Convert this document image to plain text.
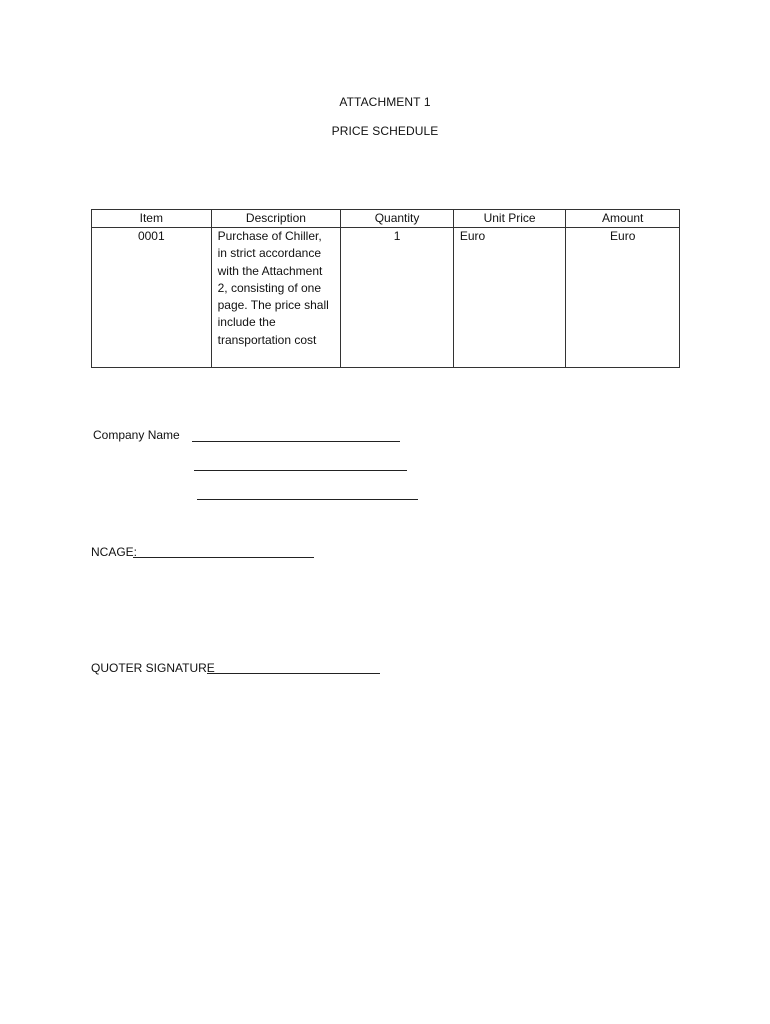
ATTACHMENT 1
PRICE SCHEDULE
Item	Description	Quantity	Unit Price	Amount
0001	Purchase of Chiller, in strict accordance with the Attachment 2, consisting of one page. The price shall include the transportation cost	1	Euro	Euro
Company Name
NCAGE:
QUOTER SIGNATURE
